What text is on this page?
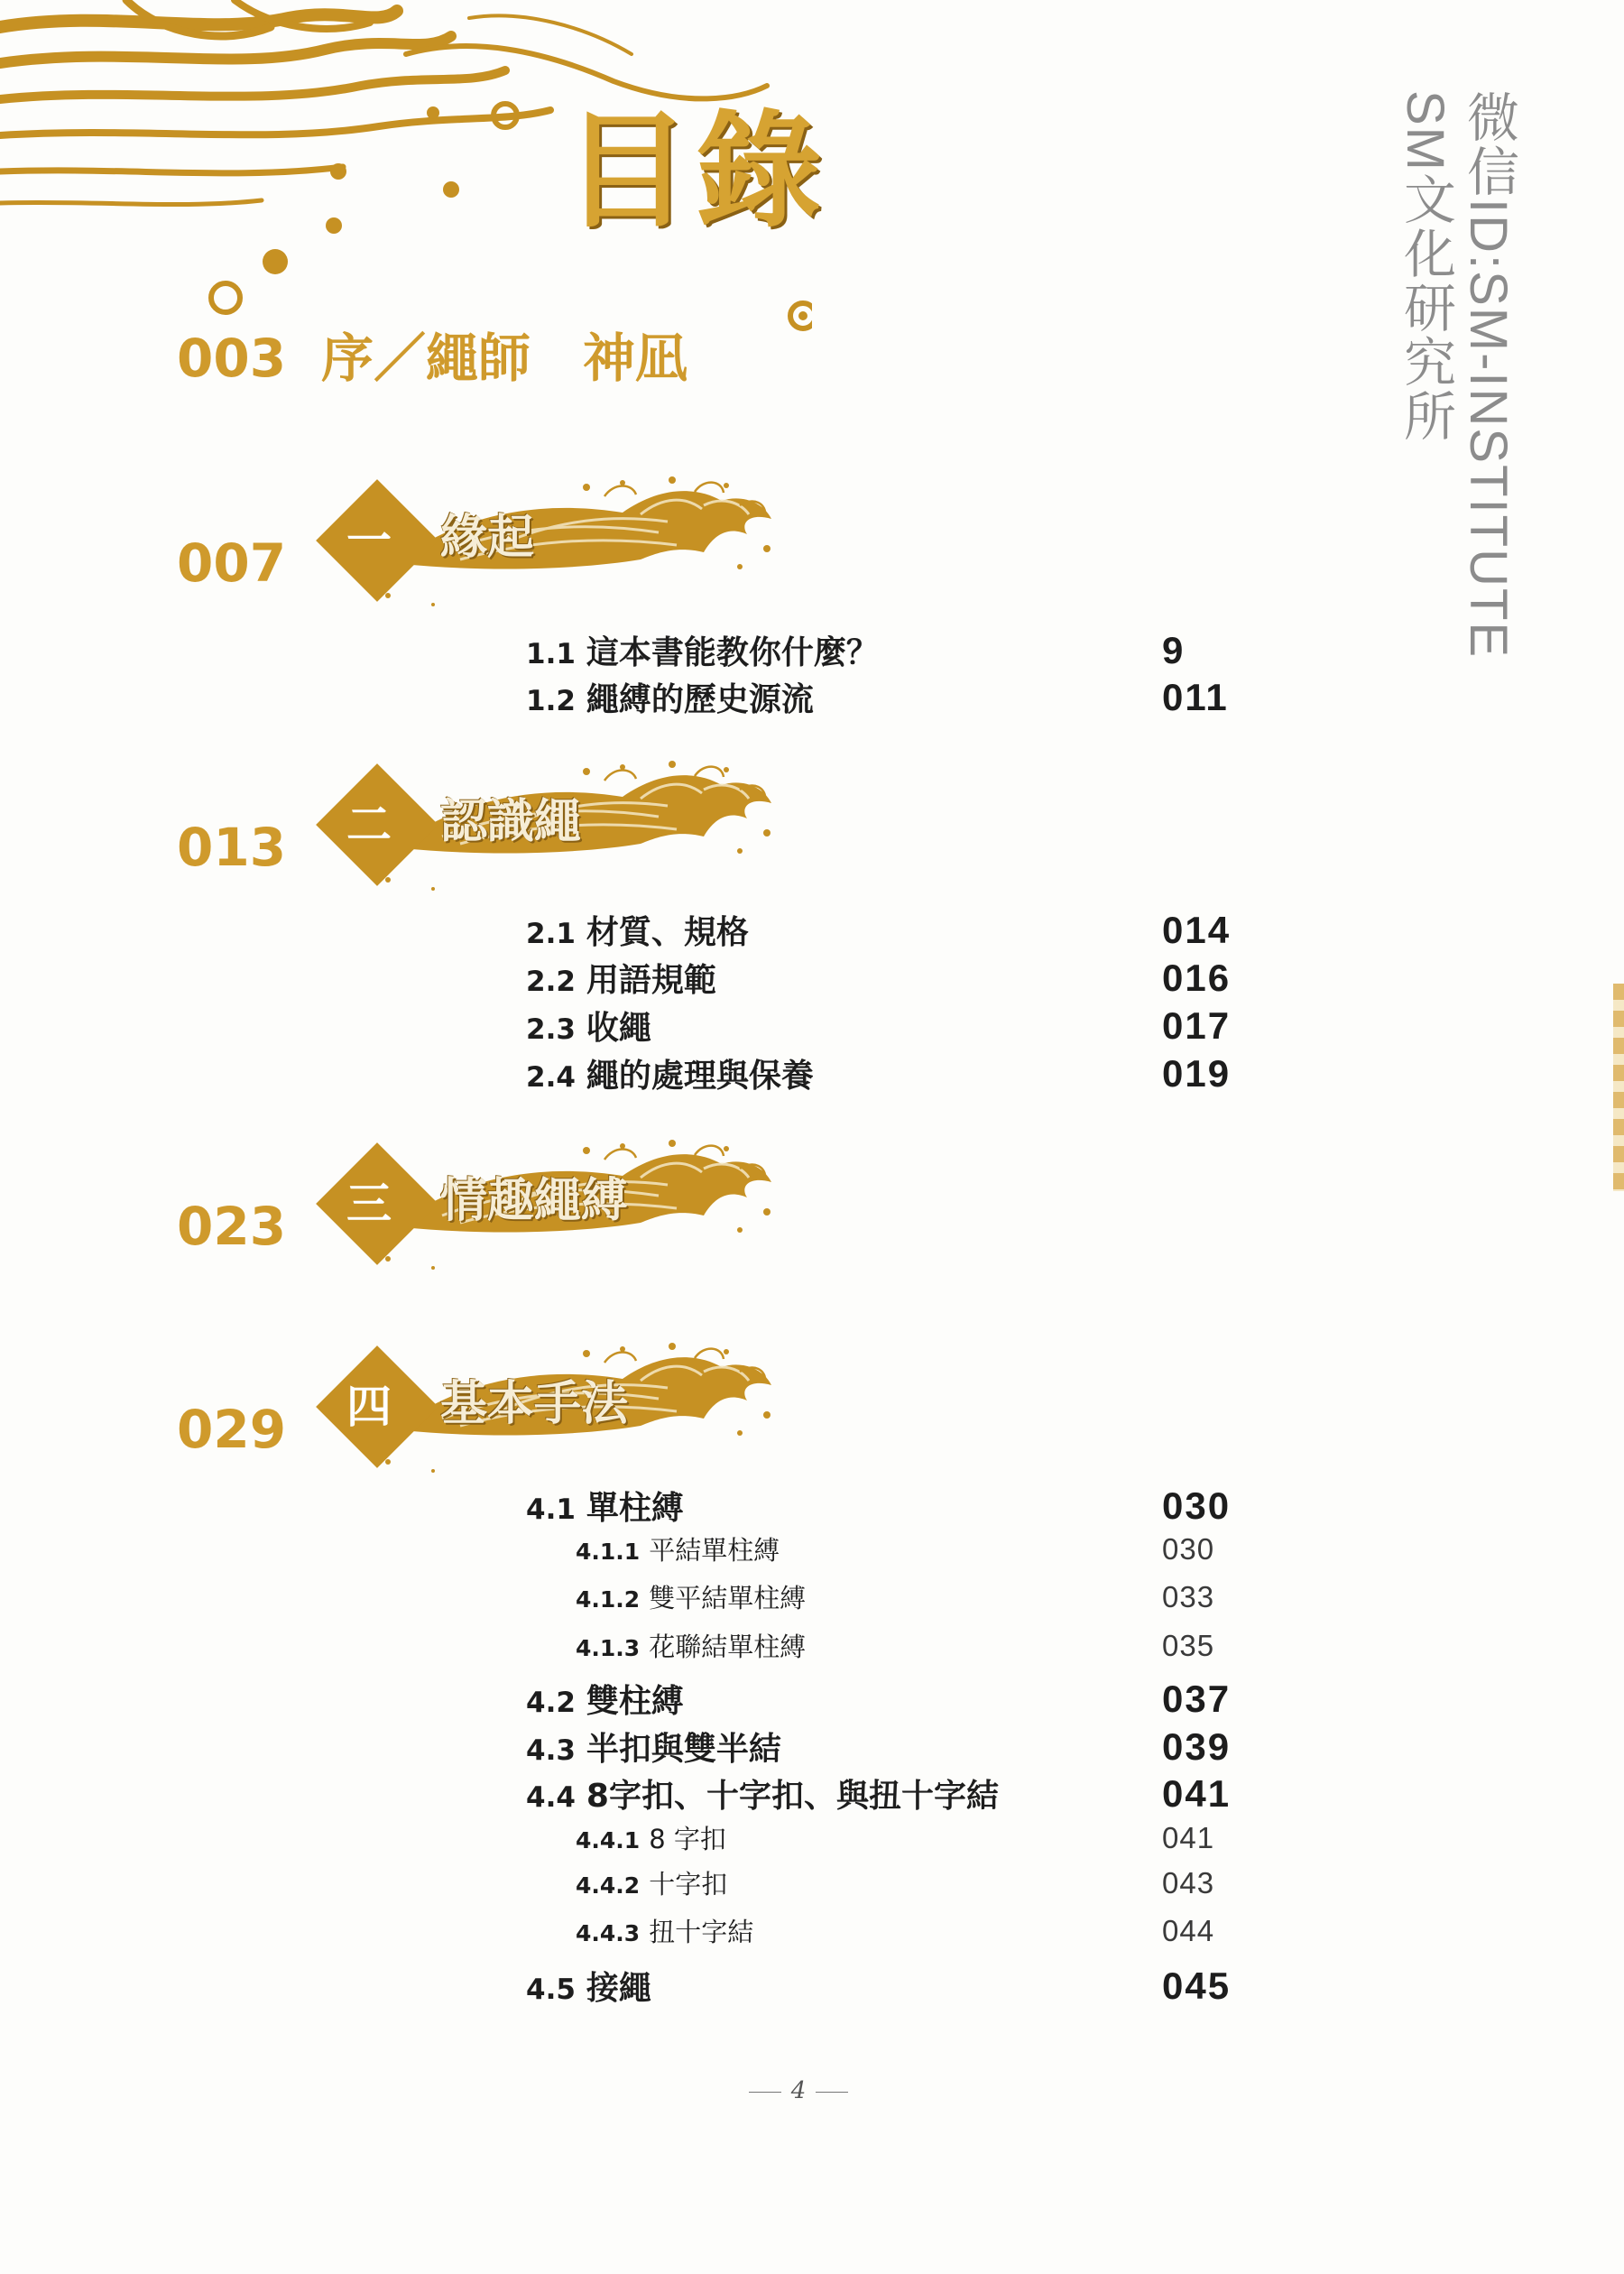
目錄	微信ID:SM-INSTITUTE
SM文化研究所
003 序／繩師　神凪
007	一	緣起
1.1 這本書能教你什麼？	9
1.2 繩縛的歷史源流	011
013	二	認識繩
2.1 材質、規格	014
2.2 用語規範	016
2.3 收繩	017
2.4 繩的處理與保養	019
023	三	情趣繩縛
029	四	基本手法
4.1 單柱縛	030
4.1.1 平結單柱縛	030
4.1.2 雙平結單柱縛	033
4.1.3 花聯結單柱縛	035
4.2 雙柱縛	037
4.3 半扣與雙半結	039
4.4 8字扣、十字扣、與扭十字結	041
4.4.1 8 字扣	041
4.4.2 十字扣	043
4.4.3 扭十字結	044
4.5 接繩	045
4
